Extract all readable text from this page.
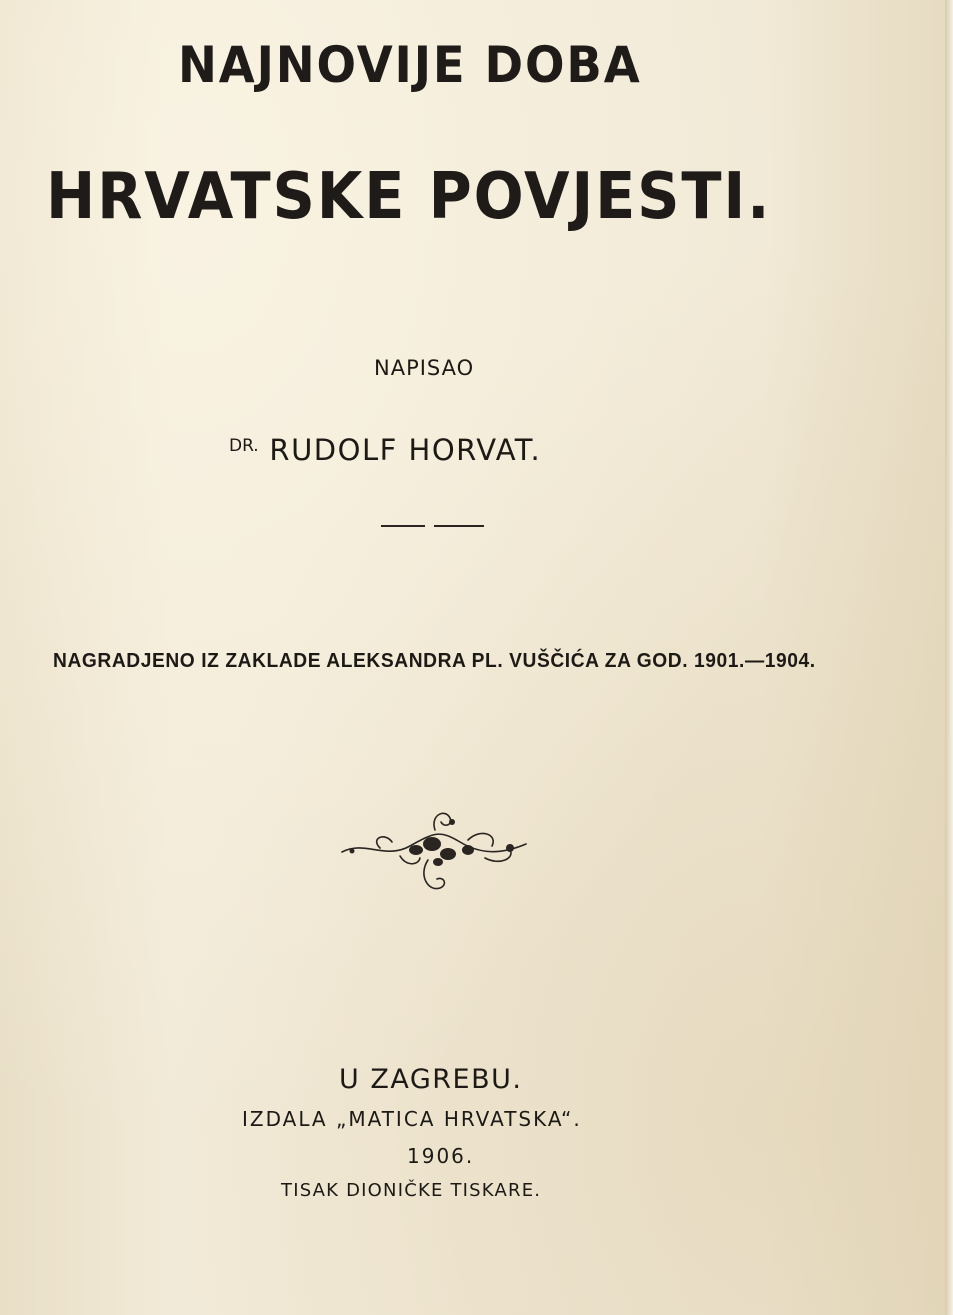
NAJNOVIJE DOBA
HRVATSKE POVJESTI.
NAPISAO
$^{DR.}$ RUDOLF HORVAT.
NAGRADJENO IZ ZAKLADE ALEKSANDRA PL. VUŠČIĆA ZA GOD. 1901.—1904.
U ZAGREBU.
IZDALA „MATICA HRVATSKA“.
1906.
TISAK DIONIČKE TISKARE.
